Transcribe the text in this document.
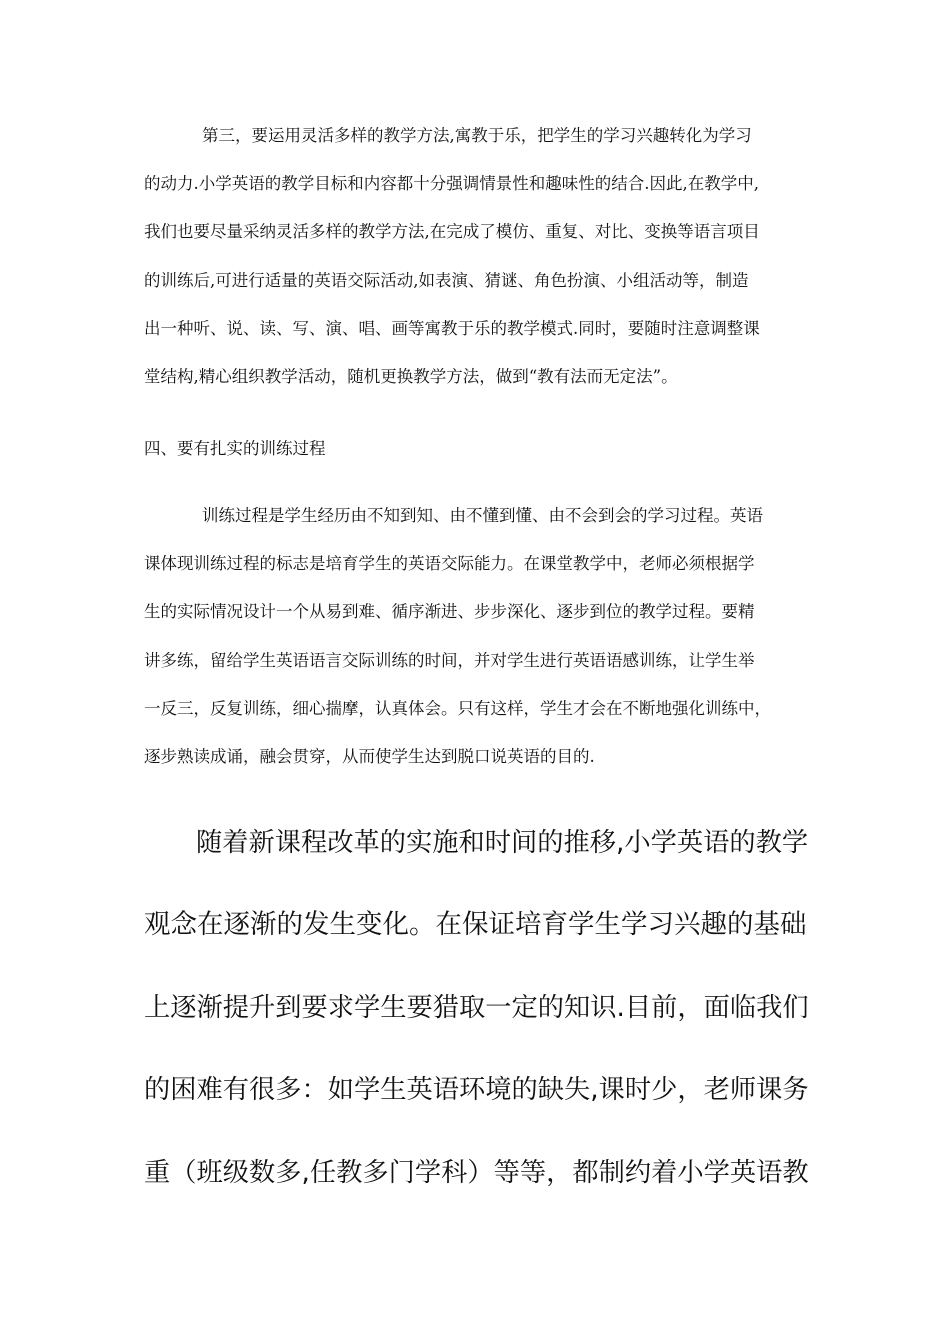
第三，要运用灵活多样的教学方法,寓教于乐，把学生的学习兴趣转化为学习
的动力.小学英语的教学目标和内容都十分强调情景性和趣味性的结合.因此,在教学中,
我们也要尽量采纳灵活多样的教学方法,在完成了模仿、重复、对比、变换等语言项目
的训练后,可进行适量的英语交际活动,如表演、猜谜、角色扮演、小组活动等，制造
出一种听、说、读、写、演、唱、画等寓教于乐的教学模式.同时，要随时注意调整课
堂结构,精心组织教学活动，随机更换教学方法，做到“教有法而无定法”。
四、要有扎实的训练过程
训练过程是学生经历由不知到知、由不懂到懂、由不会到会的学习过程。英语
课体现训练过程的标志是培育学生的英语交际能力。在课堂教学中，老师必须根据学
生的实际情况设计一个从易到难、循序渐进、步步深化、逐步到位的教学过程。要精
讲多练，留给学生英语语言交际训练的时间，并对学生进行英语语感训练，让学生举
一反三，反复训练，细心揣摩，认真体会。只有这样，学生才会在不断地强化训练中，
逐步熟读成诵，融会贯穿，从而使学生达到脱口说英语的目的.
随着新课程改革的实施和时间的推移,小学英语的教学
观念在逐渐的发生变化。在保证培育学生学习兴趣的基础
上逐渐提升到要求学生要猎取一定的知识.目前，面临我们
的困难有很多：如学生英语环境的缺失,课时少，老师课务
重（班级数多,任教多门学科）等等，都制约着小学英语教
